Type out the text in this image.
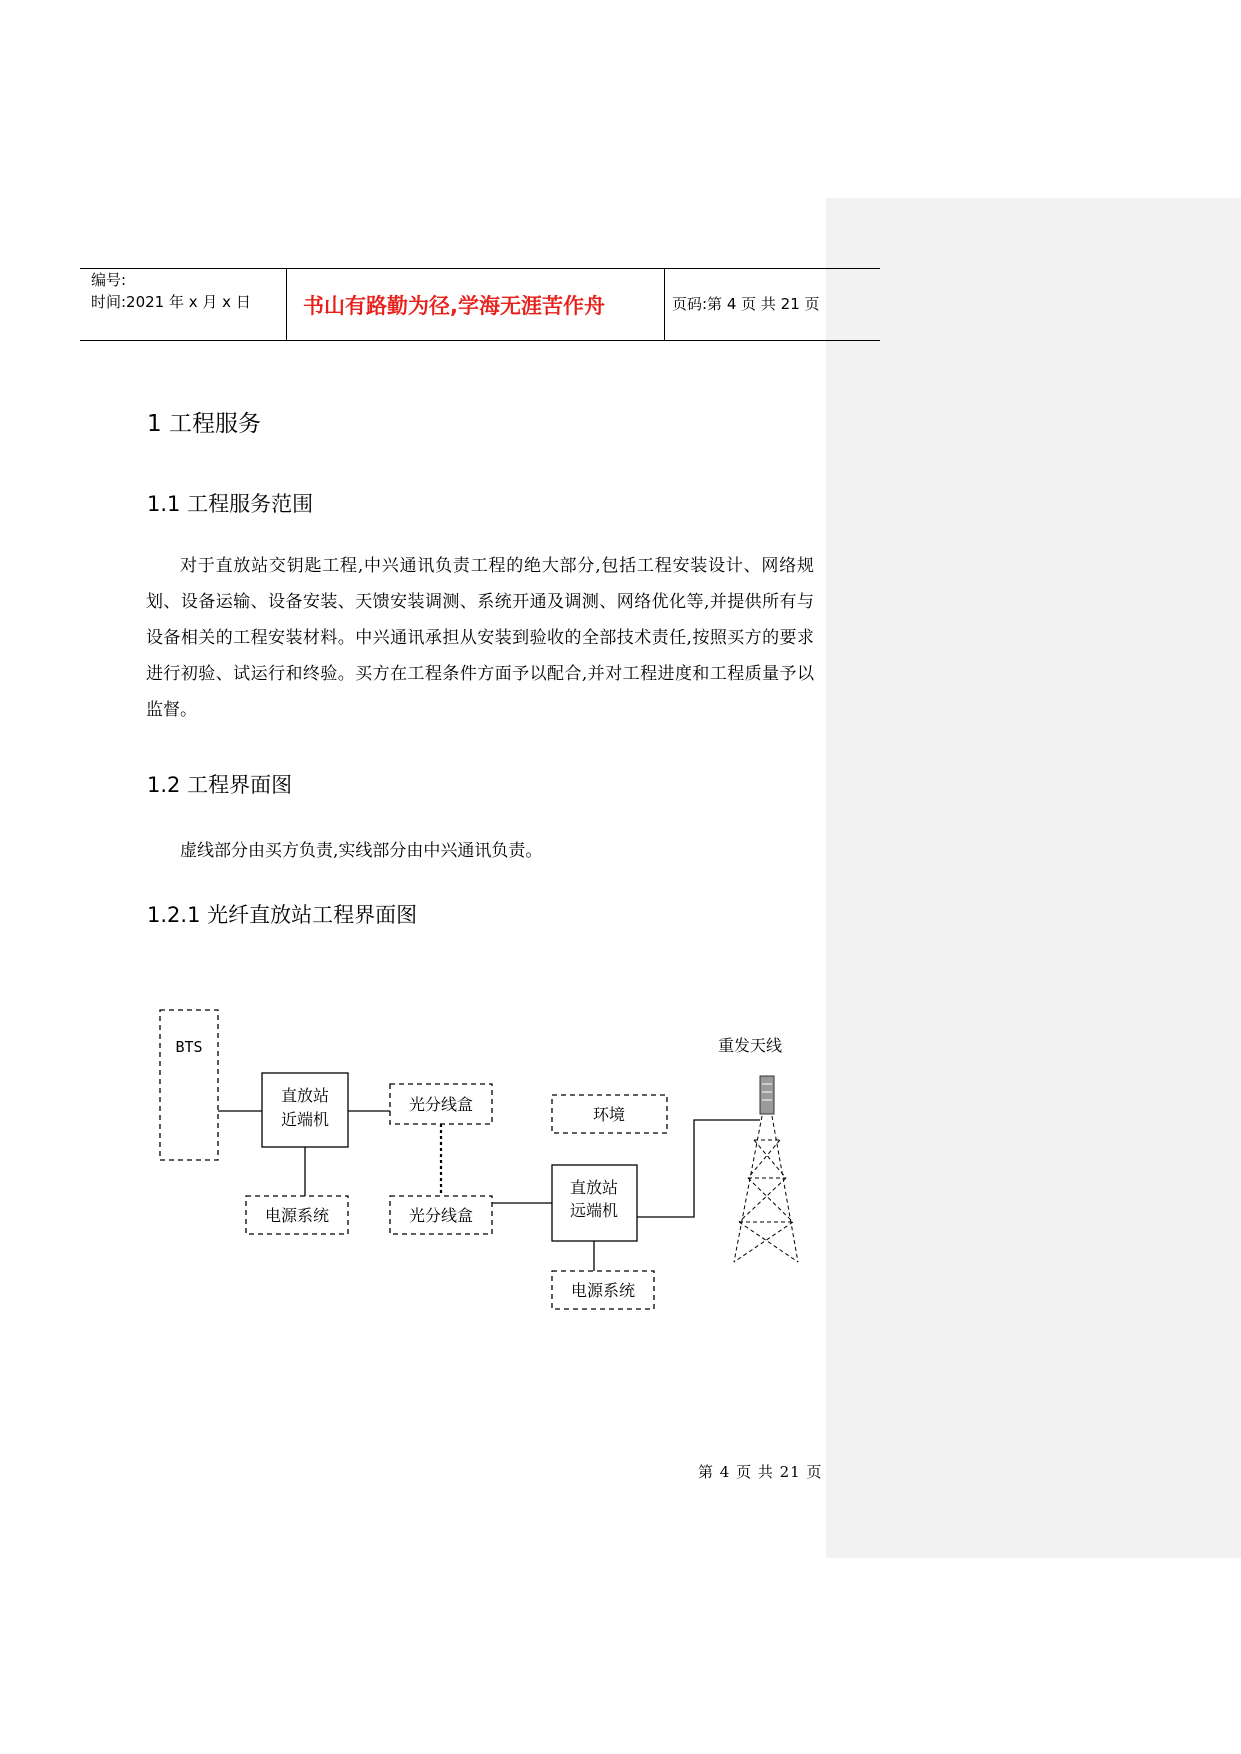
编号:
时间:2021 年 x 月 x 日 书山有路勤为径,学海无涯苦作舟	页码:第 4 页 共 21 页
1 工程服务
1.1 工程服务范围

对于直放站交钥匙工程,中兴通讯负责工程的绝大部分,包括工程安装设计、网络规划、设备运输、设备安装、天馈安装调测、系统开通及调测、网络优化等,并提供所有与设备相关的工程安装材料。中兴通讯承担从安装到验收的全部技术责任,按照买方的要求进行初验、试运行和终验。买方在工程条件方面予以配合,并对工程进度和工程质量予以监督。

1.2 工程界面图
虚线部分由买方负责,实线部分由中兴通讯负责。
1.2.1 光纤直放站工程界面图
BTS
直放站
近端机
光分线盒
环境
重发天线
电源系统	光分线盒
直放站
远端机
电源系统
第 4 页 共 21 页
